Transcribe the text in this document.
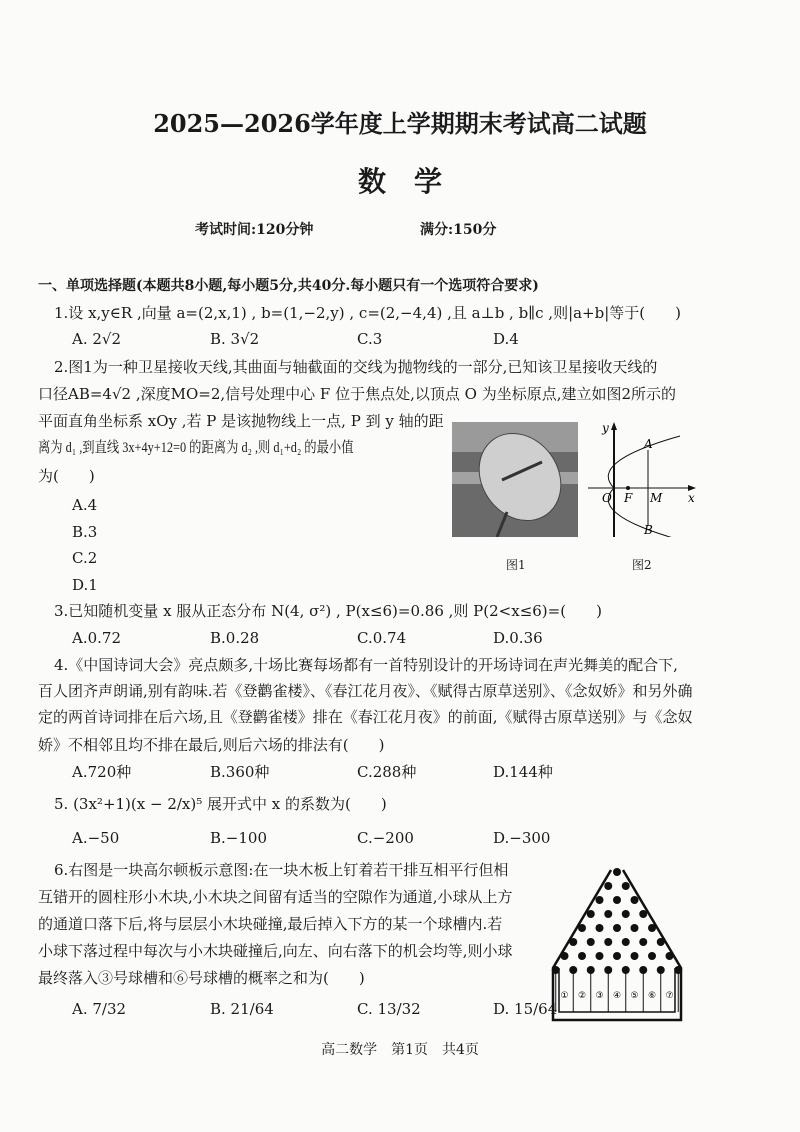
2025—2026学年度上学期期末考试高二试题
数　学
考试时间:120分钟	满分:150分
一、单项选择题(本题共8小题,每小题5分,共40分.每小题只有一个选项符合要求)
1.设 x,y∈R ,向量 a=(2,x,1) , b=(1,−2,y) , c=(2,−4,4) ,且 a⊥b , b∥c ,则|a+b|等于(　　)
A. 2√2	B. 3√2	C.3	D.4
2.图1为一种卫星接收天线,其曲面与轴截面的交线为抛物线的一部分,已知该卫星接收天线的
口径AB=4√2 ,深度MO=2,信号处理中心 F 位于焦点处,以顶点 O 为坐标原点,建立如图2所示的
平面直角坐标系 xOy ,若 P 是该抛物线上一点, P 到 y 轴的距
离为 d₁ ,到直线 3x+4y+12=0 的距离为 d₂ ,则 d₁+d₂ 的最小值
为(　　)
A.4
B.3
C.2
D.1
图1
y
x
O F M
A
B
图2
3.已知随机变量 x 服从正态分布 N(4, σ²) , P(x≤6)=0.86 ,则 P(2<x≤6)=(　　)
A.0.72	B.0.28	C.0.74	D.0.36
4.《中国诗词大会》亮点颇多,十场比赛每场都有一首特别设计的开场诗词在声光舞美的配合下,
百人团齐声朗诵,别有韵味.若《登鹳雀楼》、《春江花月夜》、《赋得古原草送别》、《念奴娇》和另外确
定的两首诗词排在后六场,且《登鹳雀楼》排在《春江花月夜》的前面,《赋得古原草送别》与《念奴
娇》不相邻且均不排在最后,则后六场的排法有(　　)
A.720种	B.360种	C.288种	D.144种
5. (3x²+1)(x − 2/x)⁵ 展开式中 x 的系数为(　　)
A.−50	B.−100	C.−200	D.−300
6.右图是一块高尔顿板示意图:在一块木板上钉着若干排互相平行但相
互错开的圆柱形小木块,小木块之间留有适当的空隙作为通道,小球从上方
的通道口落下后,将与层层小木块碰撞,最后掉入下方的某一个球槽内.若
小球下落过程中每次与小木块碰撞后,向左、向右落下的机会均等,则小球
最终落入③号球槽和⑥号球槽的概率之和为(　　)
A. 7/32	B. 21/64	C. 13/32	D. 15/64
① ② ③ ④ ⑤ ⑥ ⑦
高二数学　第1页　共4页
